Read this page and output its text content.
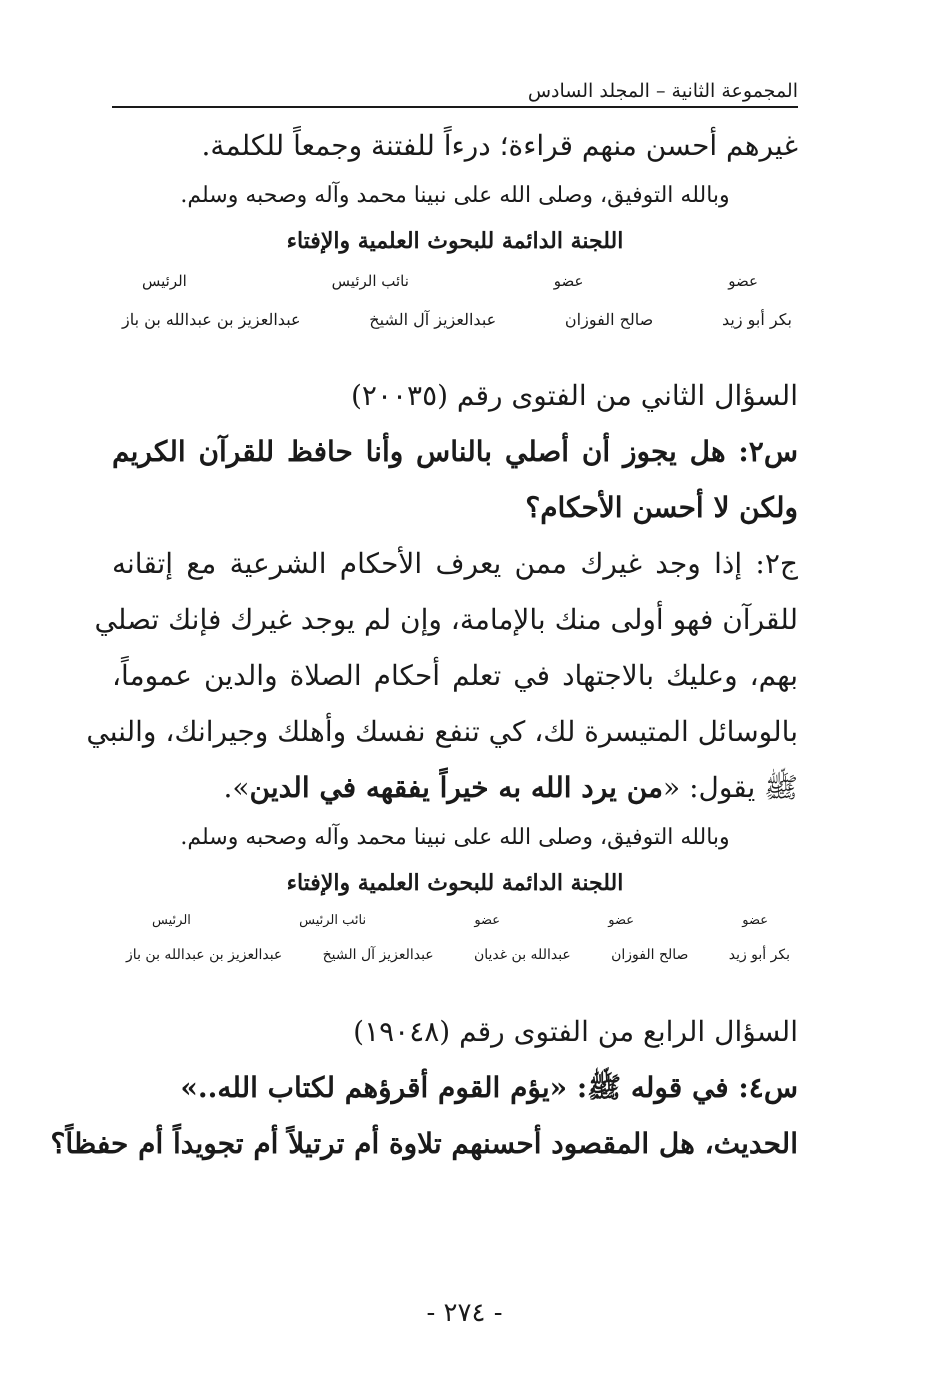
المجموعة الثانية – المجلد السادس

غيرهم أحسن منهم قراءة؛ درءاً للفتنة وجمعاً للكلمة.

وبالله التوفيق، وصلى الله على نبينا محمد وآله وصحبه وسلم.

اللجنة الدائمة للبحوث العلمية والإفتاء

عضو
عضو
نائب الرئيس
الرئيس
بكر أبو زيد
صالح الفوزان
عبدالعزيز آل الشيخ
عبدالعزيز بن عبدالله بن باز

السؤال الثاني من الفتوى رقم (٢٠٠٣٥)

س٢: هل يجوز أن أصلي بالناس وأنا حافظ للقرآن الكريم

ولكن لا أحسن الأحكام؟

ج٢: إذا وجد غيرك ممن يعرف الأحكام الشرعية مع إتقانه

للقرآن فهو أولى منك بالإمامة، وإن لم يوجد غيرك فإنك تصلي

بهم، وعليك بالاجتهاد في تعلم أحكام الصلاة والدين عموماً،

بالوسائل المتيسرة لك، كي تنفع نفسك وأهلك وجيرانك، والنبي

ﷺ يقول: «من يرد الله به خيراً يفقهه في الدين».

وبالله التوفيق، وصلى الله على نبينا محمد وآله وصحبه وسلم.

اللجنة الدائمة للبحوث العلمية والإفتاء

عضو
عضو
عضو
نائب الرئيس
الرئيس
بكر أبو زيد
صالح الفوزان
عبدالله بن غديان
عبدالعزيز آل الشيخ
عبدالعزيز بن عبدالله بن باز

السؤال الرابع من الفتوى رقم (١٩٠٤٨)

س٤: في قوله ﷺ: «يؤم القوم أقرؤهم لكتاب الله..»

الحديث، هل المقصود أحسنهم تلاوة أم ترتيلاً أم تجويداً أم حفظاً؟

- ٢٧٤ -
